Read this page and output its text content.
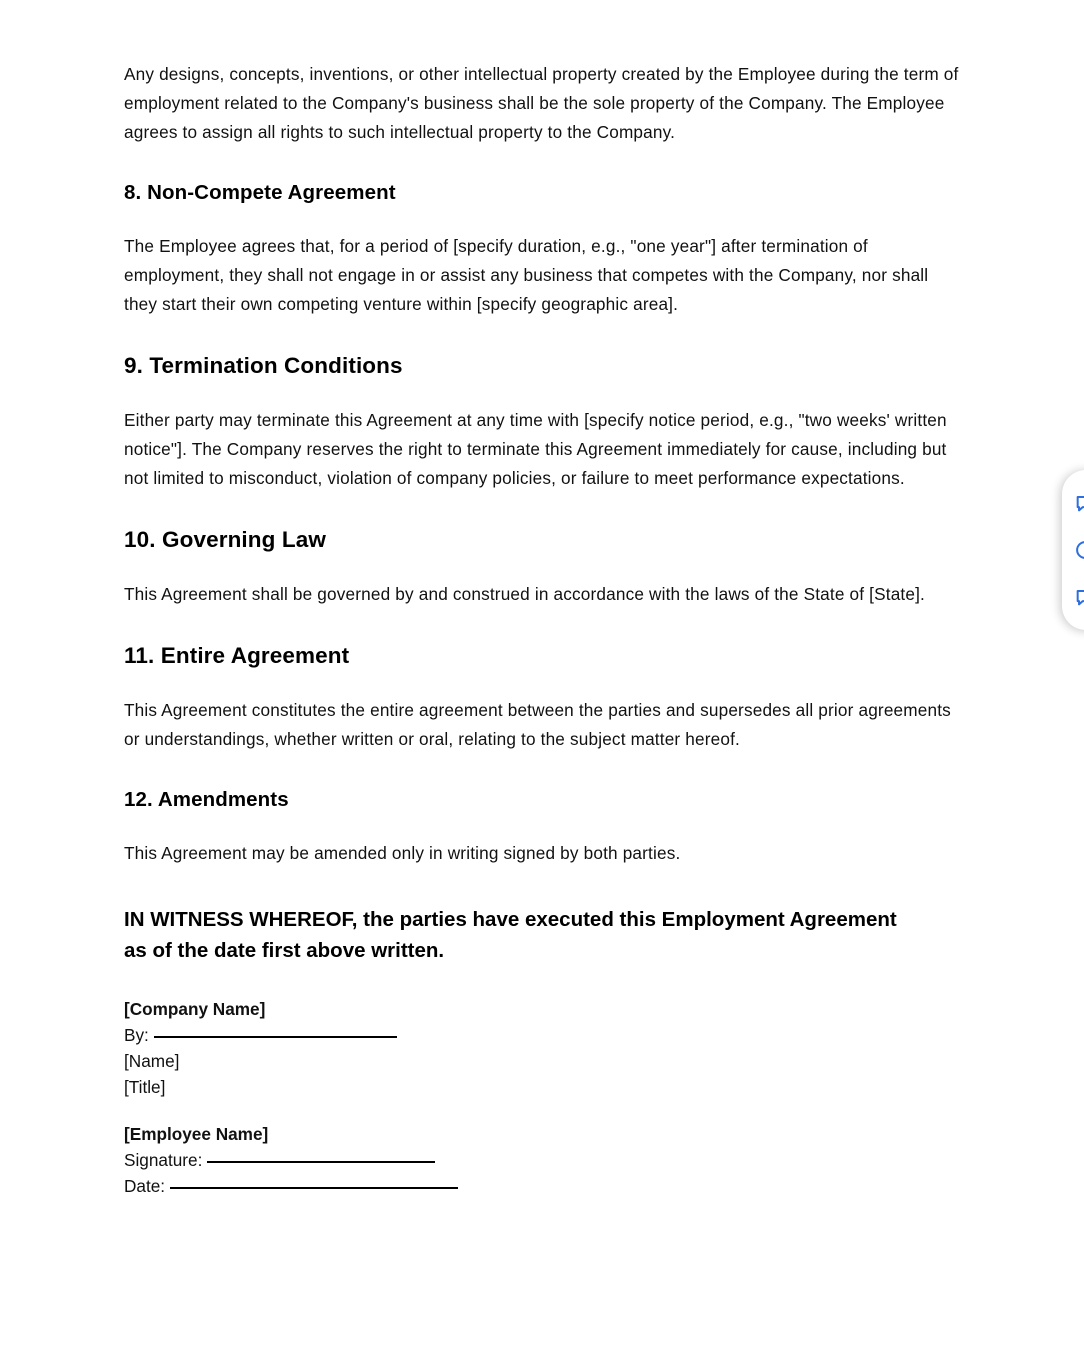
Any designs, concepts, inventions, or other intellectual property created by the Employee during the term of employment related to the Company's business shall be the sole property of the Company. The Employee agrees to assign all rights to such intellectual property to the Company.

8. Non-Compete Agreement

The Employee agrees that, for a period of [specify duration, e.g., "one year"] after termination of employment, they shall not engage in or assist any business that competes with the Company, nor shall they start their own competing venture within [specify geographic area].

9. Termination Conditions

Either party may terminate this Agreement at any time with [specify notice period, e.g., "two weeks' written notice"]. The Company reserves the right to terminate this Agreement immediately for cause, including but not limited to misconduct, violation of company policies, or failure to meet performance expectations.

10. Governing Law

This Agreement shall be governed by and construed in accordance with the laws of the State of [State].

11. Entire Agreement

This Agreement constitutes the entire agreement between the parties and supersedes all prior agreements or understandings, whether written or oral, relating to the subject matter hereof.

12. Amendments

This Agreement may be amended only in writing signed by both parties.

IN WITNESS WHEREOF, the parties have executed this Employment Agreement as of the date first above written.

[Company Name]
By:
[Name]
[Title]
[Employee Name]
Signature:
Date:
